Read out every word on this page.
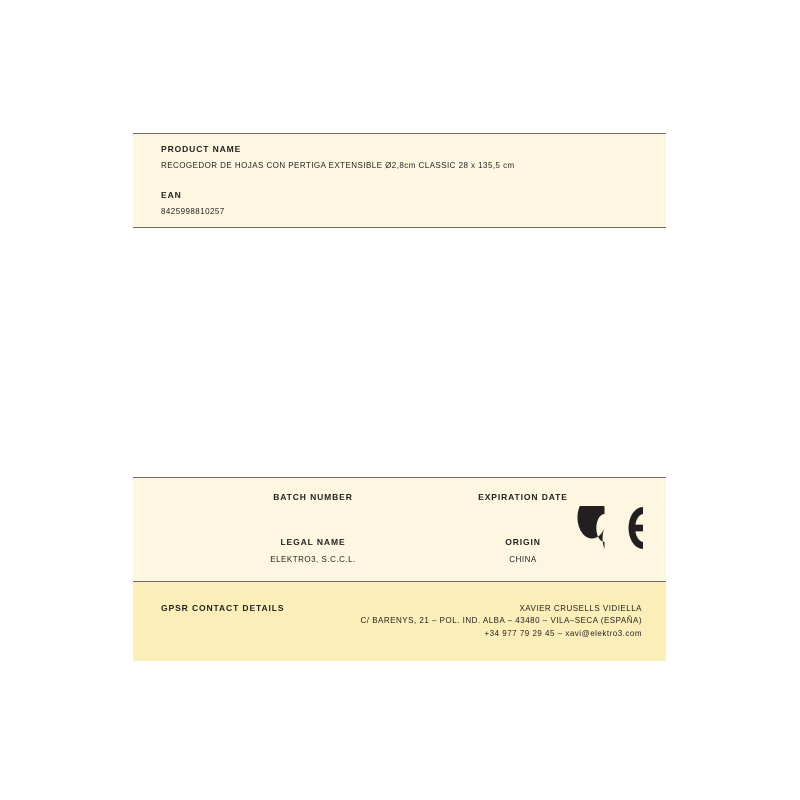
PRODUCT NAME

RECOGEDOR DE HOJAS CON PERTIGA EXTENSIBLE Ø2,8cm CLASSIC 28 x 135,5 cm

EAN

8425998810257

BATCH NUMBER	EXPIRATION DATE

LEGAL NAME

ELEKTRO3, S.C.C.L.

ORIGIN

CHINA

GPSR CONTACT DETAILS	XAVIER CRUSELLS VIDIELLA

C/ BARENYS, 21 – POL. IND. ALBA – 43480 – VILA–SECA (ESPAÑA)

+34 977 79 29 45 – xavi@elektro3.com
